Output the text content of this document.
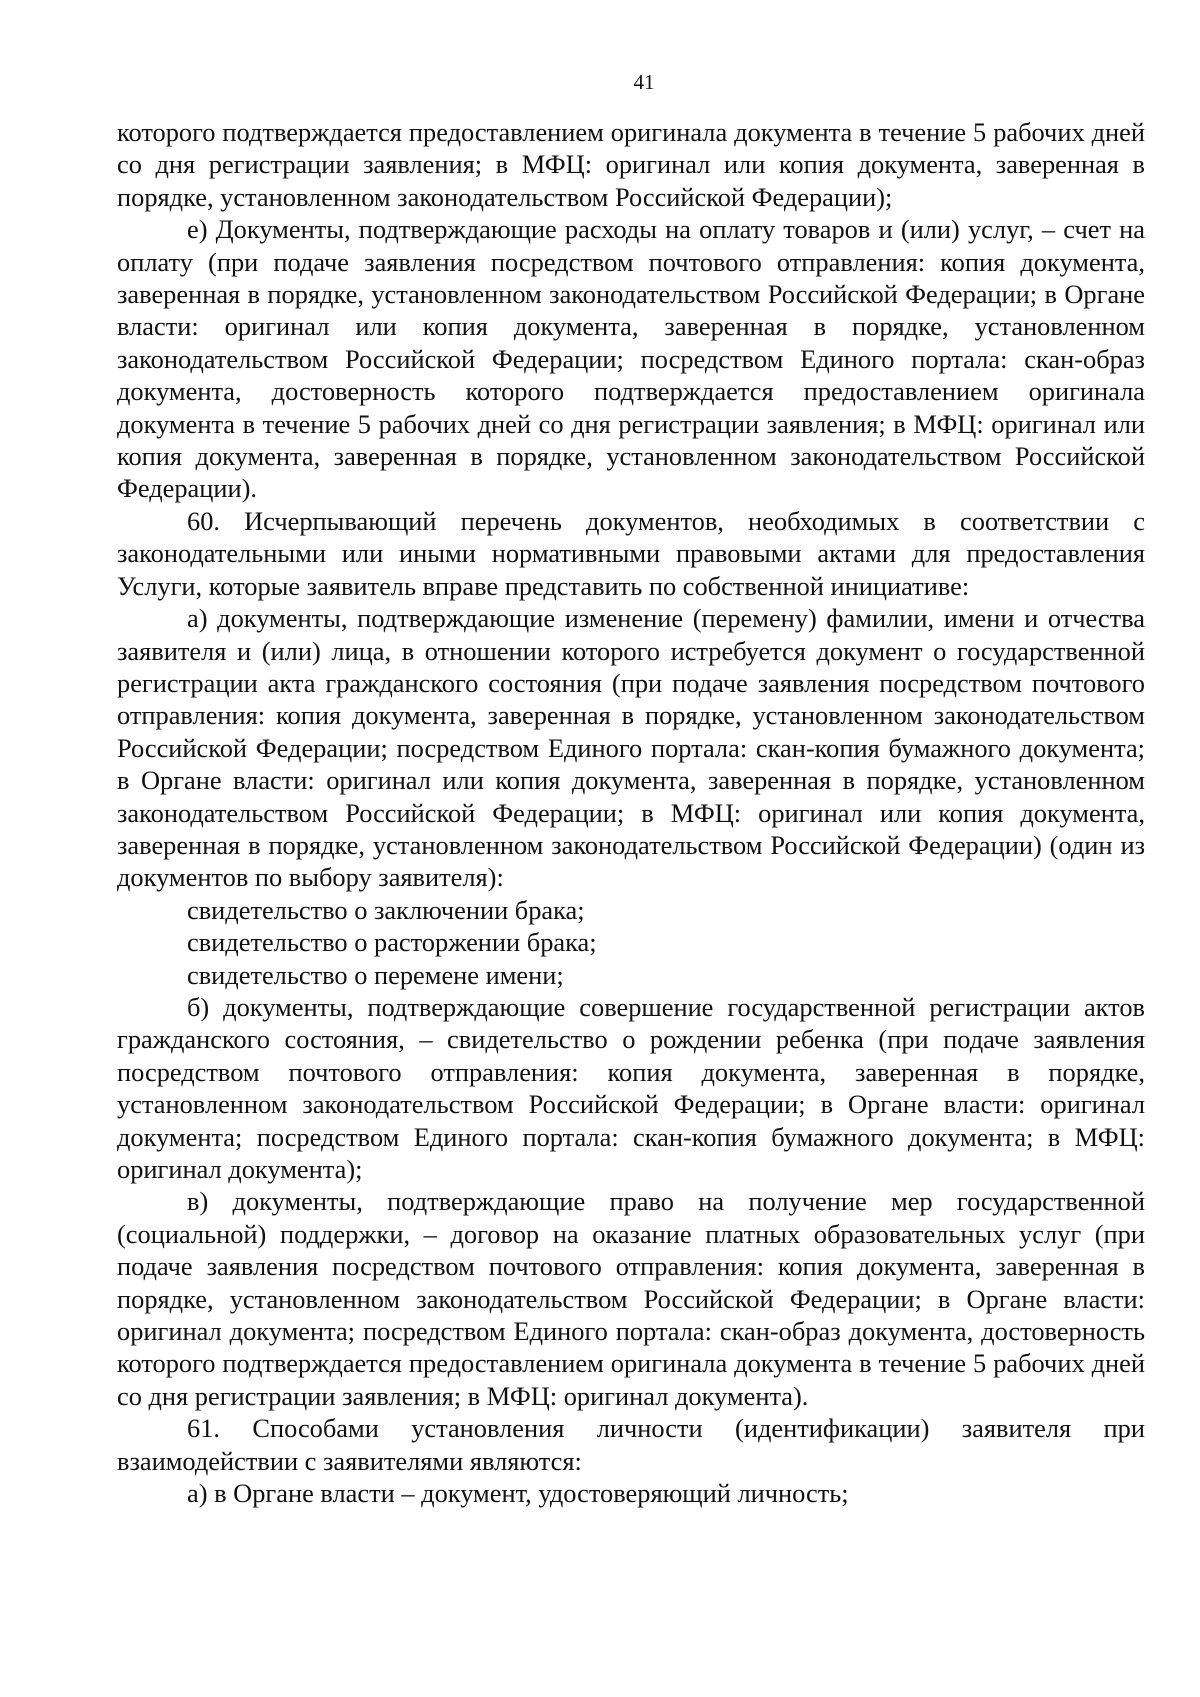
41

которого подтверждается предоставлением оригинала документа в течение 5 рабочих дней со дня регистрации заявления; в МФЦ: оригинал или копия документа, заверенная в порядке, установленном законодательством Российской Федерации);

е) Документы, подтверждающие расходы на оплату товаров и (или) услуг, – счет на оплату (при подаче заявления посредством почтового отправления: копия документа, заверенная в порядке, установленном законодательством Российской Федерации; в Органе власти: оригинал или копия документа, заверенная в порядке, установленном законодательством Российской Федерации; посредством Единого портала: скан-образ документа, достоверность которого подтверждается предоставлением оригинала документа в течение 5 рабочих дней со дня регистрации заявления; в МФЦ: оригинал или копия документа, заверенная в порядке, установленном законодательством Российской Федерации).

60. Исчерпывающий перечень документов, необходимых в соответствии с законодательными или иными нормативными правовыми актами для предоставления Услуги, которые заявитель вправе представить по собственной инициативе:

а) документы, подтверждающие изменение (перемену) фамилии, имени и отчества заявителя и (или) лица, в отношении которого истребуется документ о государственной регистрации акта гражданского состояния (при подаче заявления посредством почтового отправления: копия документа, заверенная в порядке, установленном законодательством Российской Федерации; посредством Единого портала: скан-копия бумажного документа; в Органе власти: оригинал или копия документа, заверенная в порядке, установленном законодательством Российской Федерации; в МФЦ: оригинал или копия документа, заверенная в порядке, установленном законодательством Российской Федерации) (один из документов по выбору заявителя):

свидетельство о заключении брака;

свидетельство о расторжении брака;

свидетельство о перемене имени;

б) документы, подтверждающие совершение государственной регистрации актов гражданского состояния, – свидетельство о рождении ребенка (при подаче заявления посредством почтового отправления: копия документа, заверенная в порядке, установленном законодательством Российской Федерации; в Органе власти: оригинал документа; посредством Единого портала: скан-копия бумажного документа; в МФЦ: оригинал документа);

в) документы, подтверждающие право на получение мер государственной (социальной) поддержки, – договор на оказание платных образовательных услуг (при подаче заявления посредством почтового отправления: копия документа, заверенная в порядке, установленном законодательством Российской Федерации; в Органе власти: оригинал документа; посредством Единого портала: скан-образ документа, достоверность которого подтверждается предоставлением оригинала документа в течение 5 рабочих дней со дня регистрации заявления; в МФЦ: оригинал документа).

61. Способами установления личности (идентификации) заявителя при взаимодействии с заявителями являются:

а) в Органе власти – документ, удостоверяющий личность;
